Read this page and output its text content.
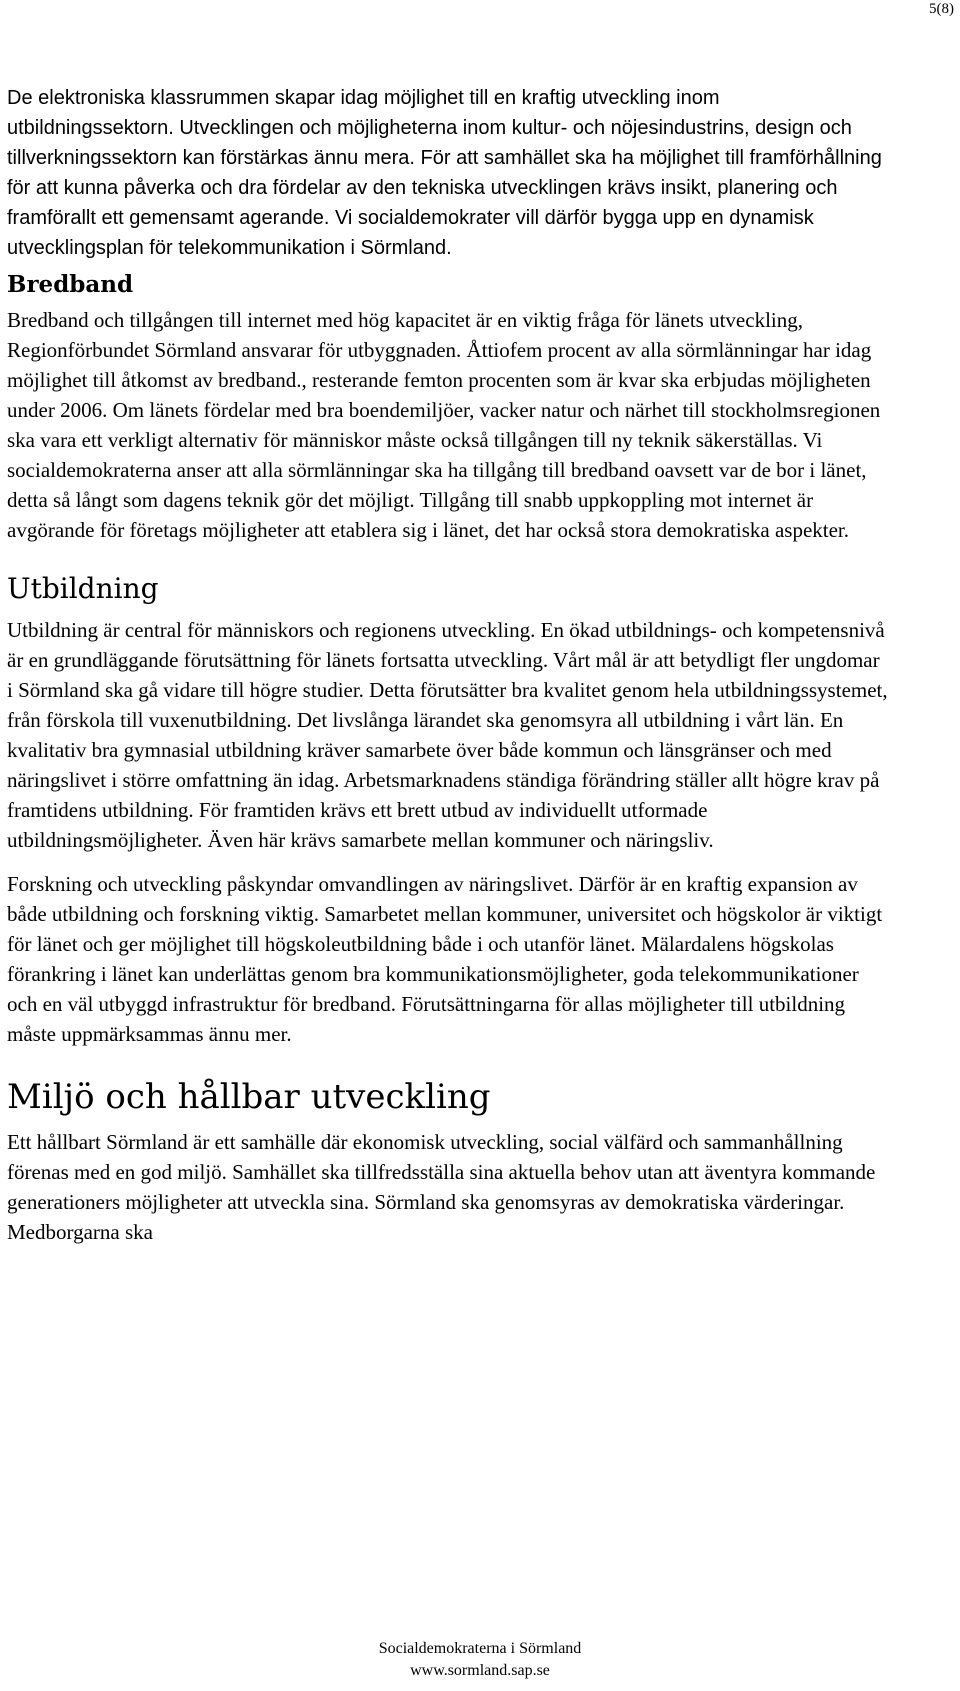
5(8)

De elektroniska klassrummen skapar idag möjlighet till en kraftig utveckling inom utbildningssektorn. Utvecklingen och möjligheterna inom kultur- och nöjesindustrins, design och tillverkningssektorn kan förstärkas ännu mera. För att samhället ska ha möjlighet till framförhållning för att kunna påverka och dra fördelar av den tekniska utvecklingen krävs insikt, planering och framförallt ett gemensamt agerande. Vi socialdemokrater vill därför bygga upp en dynamisk utvecklingsplan för telekommunikation i Sörmland.

Bredband

Bredband och tillgången till internet med hög kapacitet är en viktig fråga för länets utveckling, Regionförbundet Sörmland ansvarar för utbyggnaden. Åttiofem procent av alla sörmlänningar har idag möjlighet till åtkomst av bredband., resterande femton procenten som är kvar ska erbjudas möjligheten under 2006. Om länets fördelar med bra boendemiljöer, vacker natur och närhet till stockholmsregionen ska vara ett verkligt alternativ för människor måste också tillgången till ny teknik säkerställas. Vi socialdemokraterna anser att alla sörmlänningar ska ha tillgång till bredband oavsett var de bor i länet, detta så långt som dagens teknik gör det möjligt. Tillgång till snabb uppkoppling mot internet är avgörande för företags möjligheter att etablera sig i länet, det har också stora demokratiska aspekter.

Utbildning

Utbildning är central för människors och regionens utveckling. En ökad utbildnings- och kompetensnivå är en grundläggande förutsättning för länets fortsatta utveckling. Vårt mål är att betydligt fler ungdomar i Sörmland ska gå vidare till högre studier. Detta förutsätter bra kvalitet genom hela utbildningssystemet, från förskola till vuxenutbildning. Det livslånga lärandet ska genomsyra all utbildning i vårt län. En kvalitativ bra gymnasial utbildning kräver samarbete över både kommun och länsgränser och med näringslivet i större omfattning än idag. Arbetsmarknadens ständiga förändring ställer allt högre krav på framtidens utbildning. För framtiden krävs ett brett utbud av individuellt utformade utbildningsmöjligheter. Även här krävs samarbete mellan kommuner och näringsliv.

Forskning och utveckling påskyndar omvandlingen av näringslivet. Därför är en kraftig expansion av både utbildning och forskning viktig. Samarbetet mellan kommuner, universitet och högskolor är viktigt för länet och ger möjlighet till högskoleutbildning både i och utanför länet. Mälardalens högskolas förankring i länet kan underlättas genom bra kommunikationsmöjligheter, goda telekommunikationer och en väl utbyggd infrastruktur för bredband. Förutsättningarna för allas möjligheter till utbildning måste uppmärksammas ännu mer.

Miljö och hållbar utveckling

Ett hållbart Sörmland är ett samhälle där ekonomisk utveckling, social välfärd och sammanhållning förenas med en god miljö. Samhället ska tillfredsställa sina aktuella behov utan att äventyra kommande generationers möjligheter att utveckla sina. Sörmland ska genomsyras av demokratiska värderingar. Medborgarna ska

Socialdemokraterna i Sörmland
www.sormland.sap.se
